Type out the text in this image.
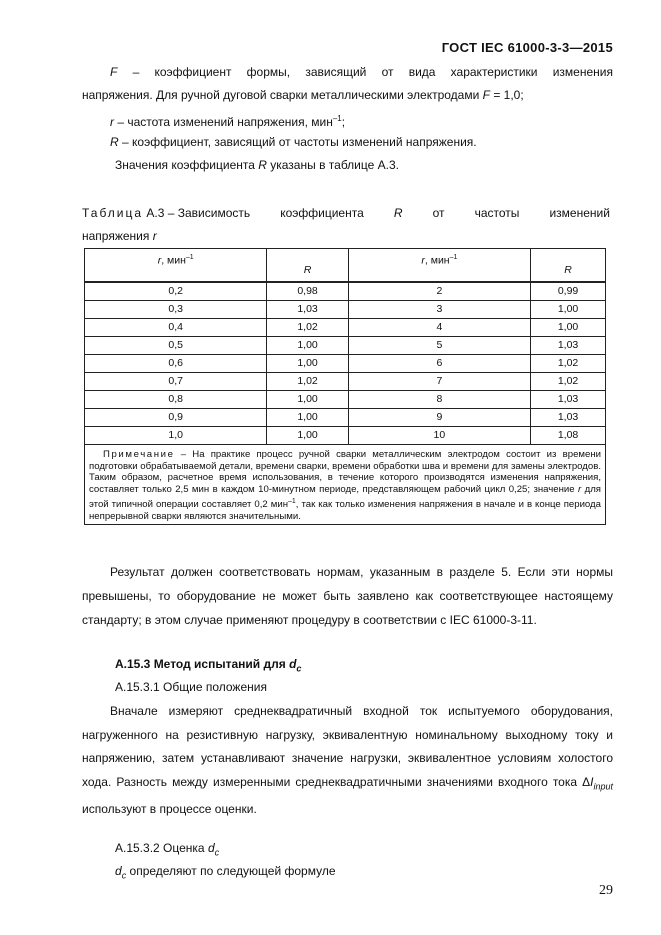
ГОСТ IEC 61000-3-3—2015
F – коэффициент формы, зависящий от вида характеристики изменения
напряжения. Для ручной дуговой сварки металлическими электродами F = 1,0;
r – частота изменений напряжения, мин$^{-1}$;
R – коэффициент, зависящий от частоты изменений напряжения.
Значения коэффициента R указаны в таблице А.3.
Таблица А.3 – Зависимость	коэффициента	R	от	частоты	изменений
напряжения r
r, мин$^{-1}$	R	r, мин$^{-1}$	R
0,2	0,98	2	0,99
0,3	1,03	3	1,00
0,4	1,02	4	1,00
0,5	1,00	5	1,03
0,6	1,00	6	1,02
0,7	1,02	7	1,02
0,8	1,00	8	1,03
0,9	1,00	9	1,03
1,0	1,00	10	1,08
Примечание – На практике процесс ручной сварки металлическим электродом состоит из времени подготовки обрабатываемой детали, времени сварки, времени обработки шва и времени для замены электродов. Таким образом, расчетное время использования, в течение которого производятся изменения напряжения, составляет только 2,5 мин в каждом 10-минутном периоде, представляющем рабочий цикл 0,25; значение r для этой типичной операции составляет 0,2 мин$^{-1}$, так как только изменения напряжения в начале и в конце периода непрерывной сварки являются значительными.			
Результат должен соответствовать нормам, указанным в разделе 5. Если эти нормы превышены, то оборудование не может быть заявлено как соответствующее настоящему стандарту; в этом случае применяют процедуру в соответствии с IEC 61000-3-11.
А.15.3 Метод испытаний для $d_c$
А.15.3.1 Общие положения
Вначале измеряют среднеквадратичный входной ток испытуемого оборудования, нагруженного на резистивную нагрузку, эквивалентную номинальному выходному току и напряжению, затем устанавливают значение нагрузки, эквивалентное условиям холостого хода. Разность между измеренными среднеквадратичными значениями входного тока $\Delta I_{input}$ используют в процессе оценки.
А.15.3.2 Оценка $d_c$
$d_c$ определяют по следующей формуле
29
